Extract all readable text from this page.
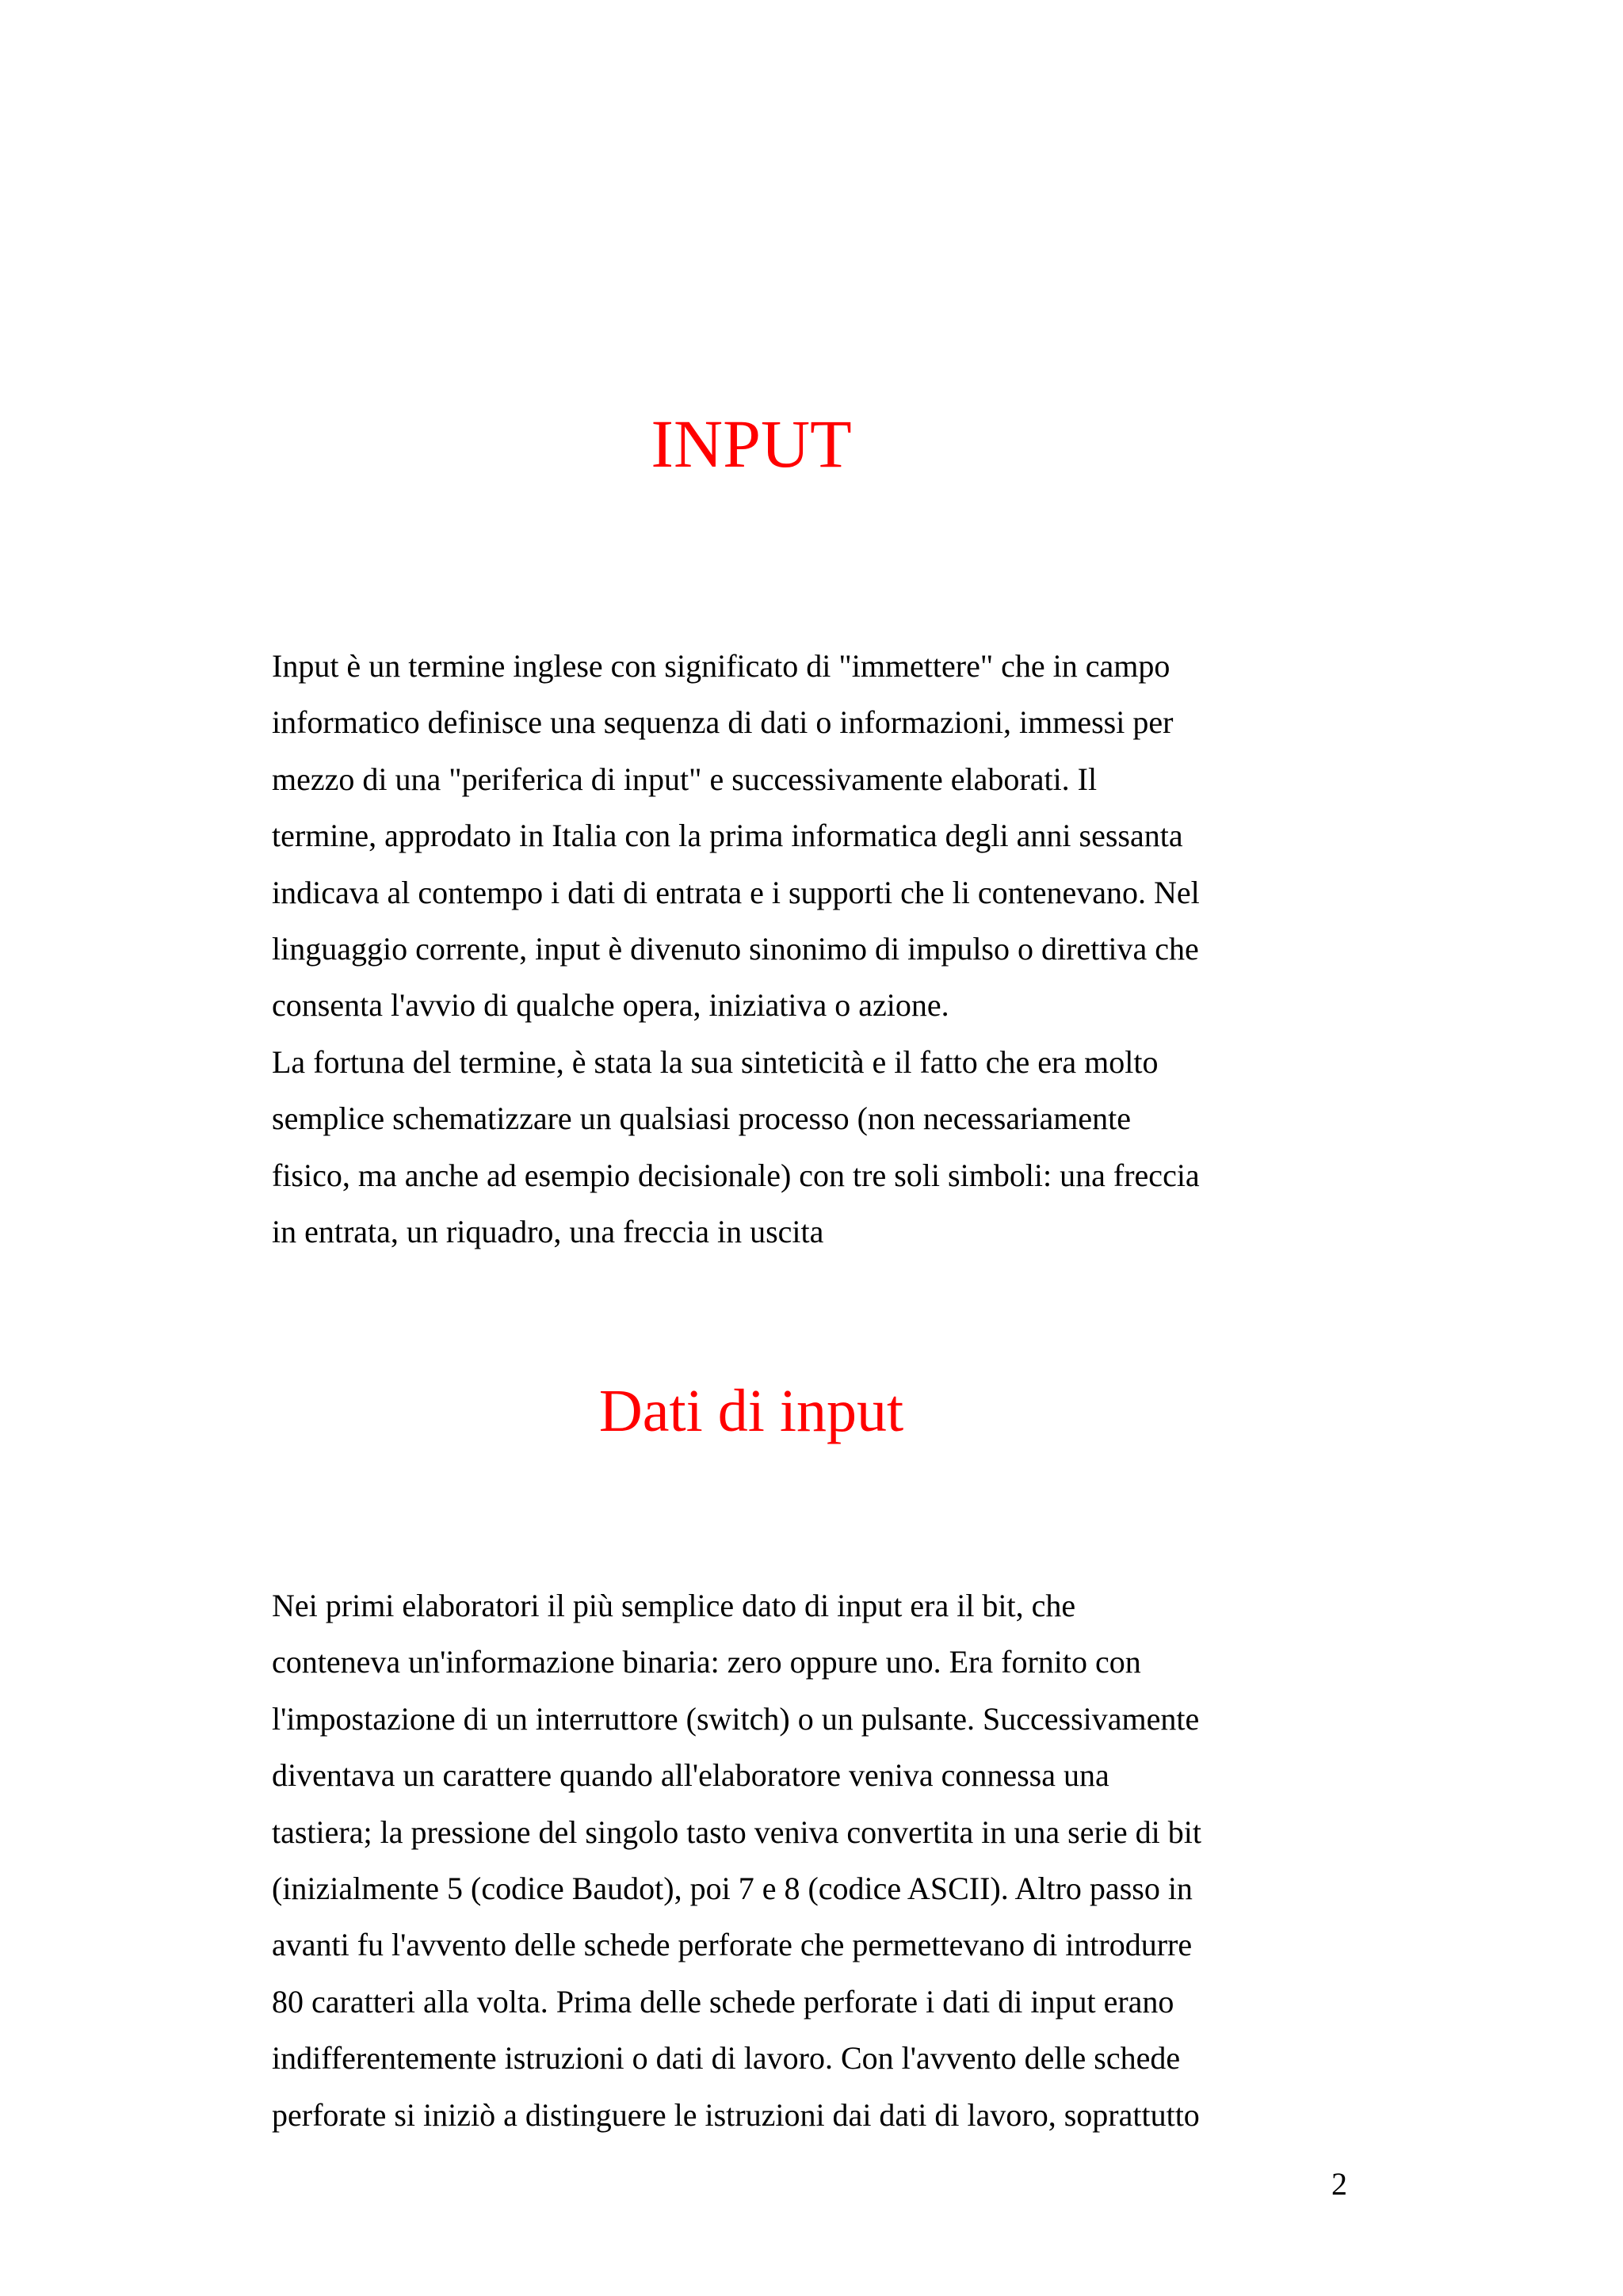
INPUT
Input è un termine inglese con significato di "immettere" che in campo
informatico definisce una sequenza di dati o informazioni, immessi per
mezzo di una "periferica di input" e successivamente elaborati. Il
termine, approdato in Italia con la prima informatica degli anni sessanta
indicava al contempo i dati di entrata e i supporti che li contenevano. Nel
linguaggio corrente, input è divenuto sinonimo di impulso o direttiva che
consenta l'avvio di qualche opera, iniziativa o azione.
La fortuna del termine, è stata la sua sinteticità e il fatto che era molto
semplice schematizzare un qualsiasi processo (non necessariamente
fisico, ma anche ad esempio decisionale) con tre soli simboli: una freccia
in entrata, un riquadro, una freccia in uscita
Dati di input
Nei primi elaboratori il più semplice dato di input era il bit, che
conteneva un'informazione binaria: zero oppure uno. Era fornito con
l'impostazione di un interruttore (switch) o un pulsante. Successivamente
diventava un carattere quando all'elaboratore veniva connessa una
tastiera; la pressione del singolo tasto veniva convertita in una serie di bit
(inizialmente 5 (codice Baudot), poi 7 e 8 (codice ASCII). Altro passo in
avanti fu l'avvento delle schede perforate che permettevano di introdurre
80 caratteri alla volta. Prima delle schede perforate i dati di input erano
indifferentemente istruzioni o dati di lavoro. Con l'avvento delle schede
perforate si iniziò a distinguere le istruzioni dai dati di lavoro, soprattutto
2
